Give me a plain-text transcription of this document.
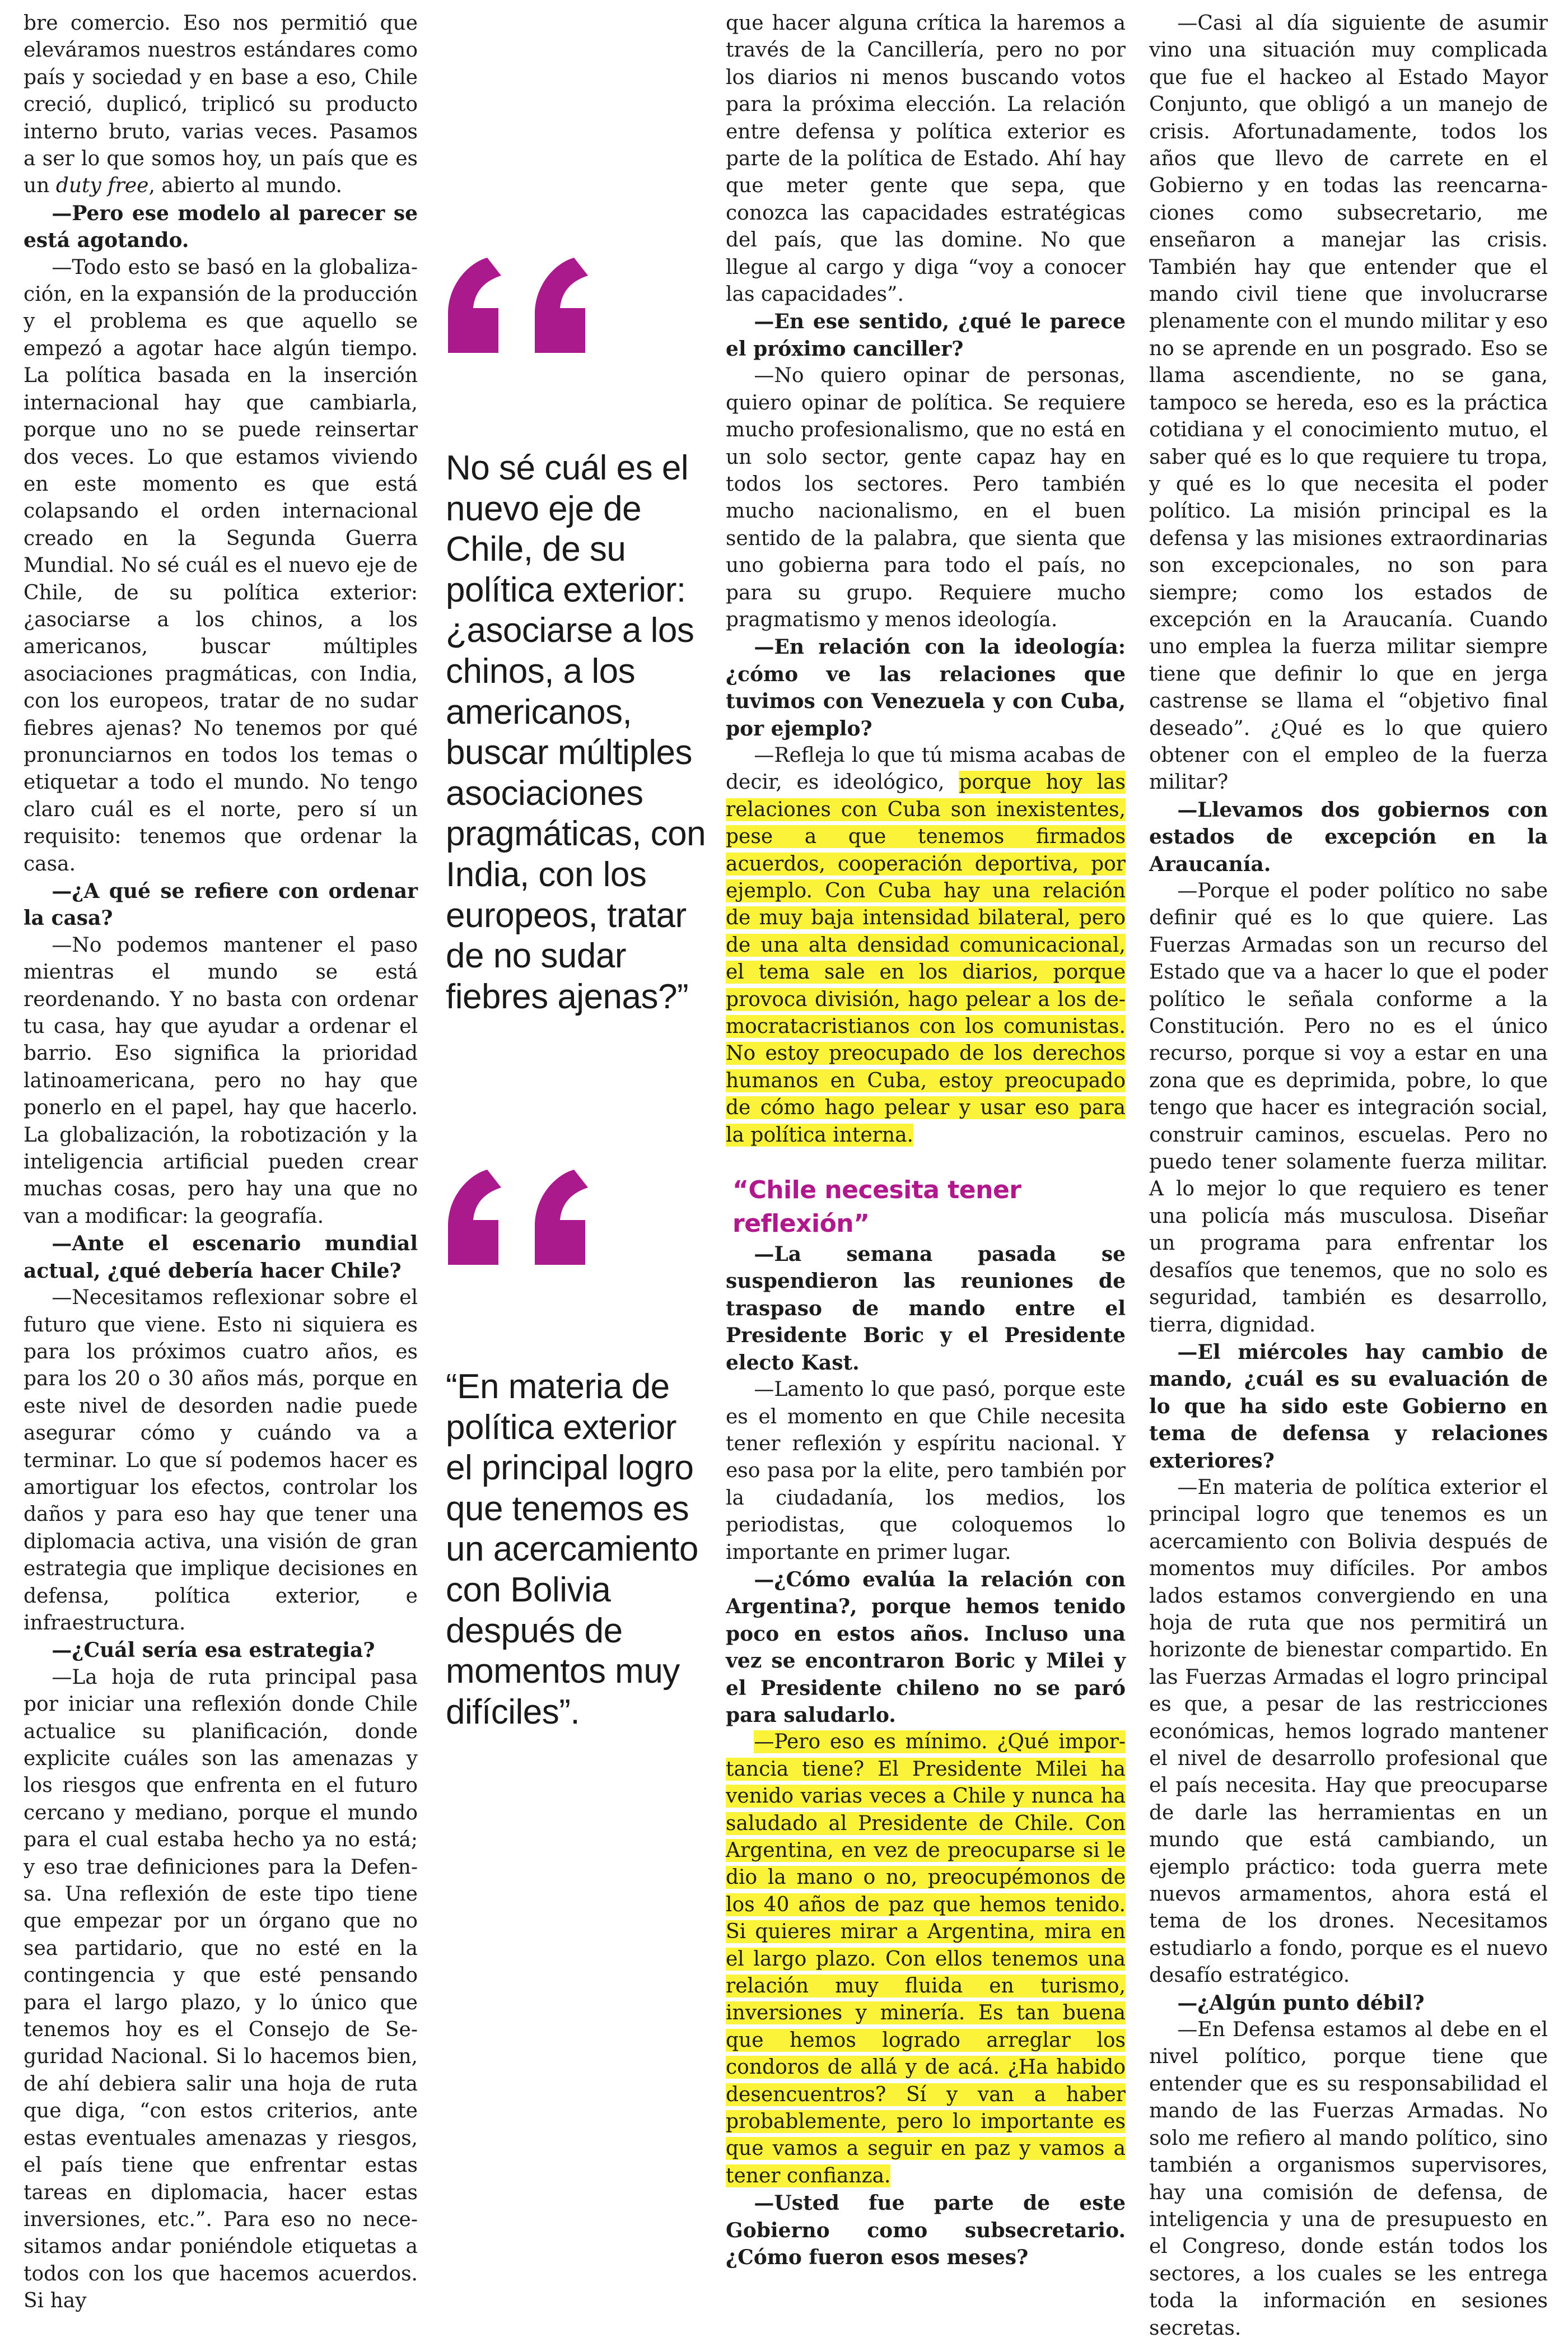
bre comercio. Eso nos permitió que eleváramos nuestros estándares como país y sociedad y en base a eso, Chile creció, duplicó, triplicó su producto interno bruto, varias veces. Pasamos a ser lo que somos hoy, un país que es un duty free, abierto al mundo.

—Pero ese modelo al parecer se está agotando.

—Todo esto se basó en la globalización, en la expansión de la producción y el problema es que aquello se empezó a agotar hace algún tiempo. La política basada en la inserción internacional hay que cambiarla, porque uno no se puede reinsertar dos veces. Lo que estamos viviendo en este momento es que está colapsando el orden internacional creado en la Segunda Guerra Mundial. No sé cuál es el nuevo eje de Chile, de su política exterior: ¿asociarse a los chinos, a los americanos, buscar múltiples asociaciones pragmáticas, con India, con los europeos, tratar de no sudar fiebres ajenas? No tenemos por qué pronunciarnos en todos los temas o etiquetar a todo el mundo. No tengo claro cuál es el norte, pero sí un requisito: tenemos que ordenar la casa.

—¿A qué se refiere con ordenar la casa?

—No podemos mantener el paso mientras el mundo se está reordenando. Y no basta con ordenar tu casa, hay que ayudar a ordenar el barrio. Eso significa la prioridad latinoamericana, pero no hay que ponerlo en el papel, hay que hacerlo. La globalización, la robotización y la inteligencia artificial pueden crear muchas cosas, pero hay una que no van a modificar: la geografía.

—Ante el escenario mundial actual, ¿qué debería hacer Chile?

—Necesitamos reflexionar sobre el futuro que viene. Esto ni siquiera es para los próximos cuatro años, es para los 20 o 30 años más, porque en este nivel de desorden nadie puede asegurar cómo y cuándo va a terminar. Lo que sí podemos hacer es amortiguar los efectos, controlar los daños y para eso hay que tener una diplomacia activa, una visión de gran estrategia que implique decisiones en defensa, política exterior, e infraestructura.

—¿Cuál sería esa estrategia?

—La hoja de ruta principal pasa por iniciar una reflexión donde Chile actualice su planificación, donde explicite cuáles son las amenazas y los riesgos que enfrenta en el futuro cercano y mediano, porque el mundo para el cual estaba hecho ya no está; y eso trae definiciones para la Defensa. Una reflexión de este tipo tiene que empezar por un órgano que no sea partidario, que no esté en la contingencia y que esté pensando para el largo plazo, y lo único que tenemos hoy es el Consejo de Seguridad Nacional. Si lo hacemos bien, de ahí debiera salir una hoja de ruta que diga, “con estos criterios, ante estas eventuales amenazas y riesgos, el país tiene que enfrentar estas tareas en diplomacia, hacer estas inversiones, etc.”. Para eso no necesitamos andar poniéndole etiquetas a todos con los que hacemos acuerdos. Si hay

No sé cuál es el nuevo eje de Chile, de su política exterior: ¿asociarse a los chinos, a los americanos, buscar múltiples asociaciones pragmáticas, con India, con los europeos, tratar de no sudar fiebres ajenas?”
“En materia de política exterior el principal logro que tenemos es un acercamiento con Bolivia después de momentos muy difíciles”.

que hacer alguna crítica la haremos a través de la Cancillería, pero no por los diarios ni menos buscando votos para la próxima elección. La relación entre defensa y política exterior es parte de la política de Estado. Ahí hay que meter gente que sepa, que conozca las capacidades estratégicas del país, que las domine. No que llegue al cargo y diga “voy a conocer las capacidades”.

—En ese sentido, ¿qué le parece el próximo canciller?

—No quiero opinar de personas, quiero opinar de política. Se requiere mucho profesionalismo, que no está en un solo sector, gente capaz hay en todos los sectores. Pero también mucho nacionalismo, en el buen sentido de la palabra, que sienta que uno gobierna para todo el país, no para su grupo. Requiere mucho pragmatismo y menos ideología.

—En relación con la ideología: ¿cómo ve las relaciones que tuvimos con Venezuela y con Cuba, por ejemplo?

—Refleja lo que tú misma acabas de decir, es ideológico, porque hoy las relaciones con Cuba son inexistentes, pese a que tenemos firmados acuerdos, cooperación deportiva, por ejemplo. Con Cuba hay una relación de muy baja intensidad bilateral, pero de una alta densidad comunicacional, el tema sale en los diarios, porque provoca división, hago pelear a los democratacristianos con los comunistas. No estoy preocupado de los derechos humanos en Cuba, estoy preocupado de cómo hago pelear y usar eso para la política interna.

“Chile necesita tener reflexión”

—La semana pasada se suspendieron las reuniones de traspaso de mando entre el Presidente Boric y el Presidente electo Kast.

—Lamento lo que pasó, porque este es el momento en que Chile necesita tener reflexión y espíritu nacional. Y eso pasa por la elite, pero también por la ciudadanía, los medios, los periodistas, que coloquemos lo importante en primer lugar.

—¿Cómo evalúa la relación con Argentina?, porque hemos tenido poco en estos años. Incluso una vez se encontraron Boric y Milei y el Presidente chileno no se paró para saludarlo.

—Pero eso es mínimo. ¿Qué importancia tiene? El Presidente Milei ha venido varias veces a Chile y nunca ha saludado al Presidente de Chile. Con Argentina, en vez de preocuparse si le dio la mano o no, preocupémonos de los 40 años de paz que hemos tenido. Si quieres mirar a Argentina, mira en el largo plazo. Con ellos tenemos una relación muy fluida en turismo, inversiones y minería. Es tan buena que hemos logrado arreglar los condoros de allá y de acá. ¿Ha habido desencuentros? Sí y van a haber probablemente, pero lo importante es que vamos a seguir en paz y vamos a tener confianza.

—Usted fue parte de este Gobierno como subsecretario. ¿Cómo fueron esos meses?

—Casi al día siguiente de asumir vino una situación muy complicada que fue el hackeo al Estado Mayor Conjunto, que obligó a un manejo de crisis. Afortunadamente, todos los años que llevo de carrete en el Gobierno y en todas las reencarnaciones como subsecretario, me enseñaron a manejar las crisis. También hay que entender que el mando civil tiene que involucrarse plenamente con el mundo militar y eso no se aprende en un posgrado. Eso se llama ascendiente, no se gana, tampoco se hereda, eso es la práctica cotidiana y el conocimiento mutuo, el saber qué es lo que requiere tu tropa, y qué es lo que necesita el poder político. La misión principal es la defensa y las misiones extraordinarias son excepcionales, no son para siempre; como los estados de excepción en la Araucanía. Cuando uno emplea la fuerza militar siempre tiene que definir lo que en jerga castrense se llama el “objetivo final deseado”. ¿Qué es lo que quiero obtener con el empleo de la fuerza militar?

—Llevamos dos gobiernos con estados de excepción en la Araucanía.

—Porque el poder político no sabe definir qué es lo que quiere. Las Fuerzas Armadas son un recurso del Estado que va a hacer lo que el poder político le señala conforme a la Constitución. Pero no es el único recurso, porque si voy a estar en una zona que es deprimida, pobre, lo que tengo que hacer es integración social, construir caminos, escuelas. Pero no puedo tener solamente fuerza militar. A lo mejor lo que requiero es tener una policía más musculosa. Diseñar un programa para enfrentar los desafíos que tenemos, que no solo es seguridad, también es desarrollo, tierra, dignidad.

—El miércoles hay cambio de mando, ¿cuál es su evaluación de lo que ha sido este Gobierno en tema de defensa y relaciones exteriores?

—En materia de política exterior el principal logro que tenemos es un acercamiento con Bolivia después de momentos muy difíciles. Por ambos lados estamos convergiendo en una hoja de ruta que nos permitirá un horizonte de bienestar compartido. En las Fuerzas Armadas el logro principal es que, a pesar de las restricciones económicas, hemos logrado mantener el nivel de desarrollo profesional que el país necesita. Hay que preocuparse de darle las herramientas en un mundo que está cambiando, un ejemplo práctico: toda guerra mete nuevos armamentos, ahora está el tema de los drones. Necesitamos estudiarlo a fondo, porque es el nuevo desafío estratégico.

—¿Algún punto débil?

—En Defensa estamos al debe en el nivel político, porque tiene que entender que es su responsabilidad el mando de las Fuerzas Armadas. No solo me refiero al mando político, sino también a organismos supervisores, hay una comisión de defensa, de inteligencia y una de presupuesto en el Congreso, donde están todos los sectores, a los cuales se les entrega toda la información en sesiones secretas.
